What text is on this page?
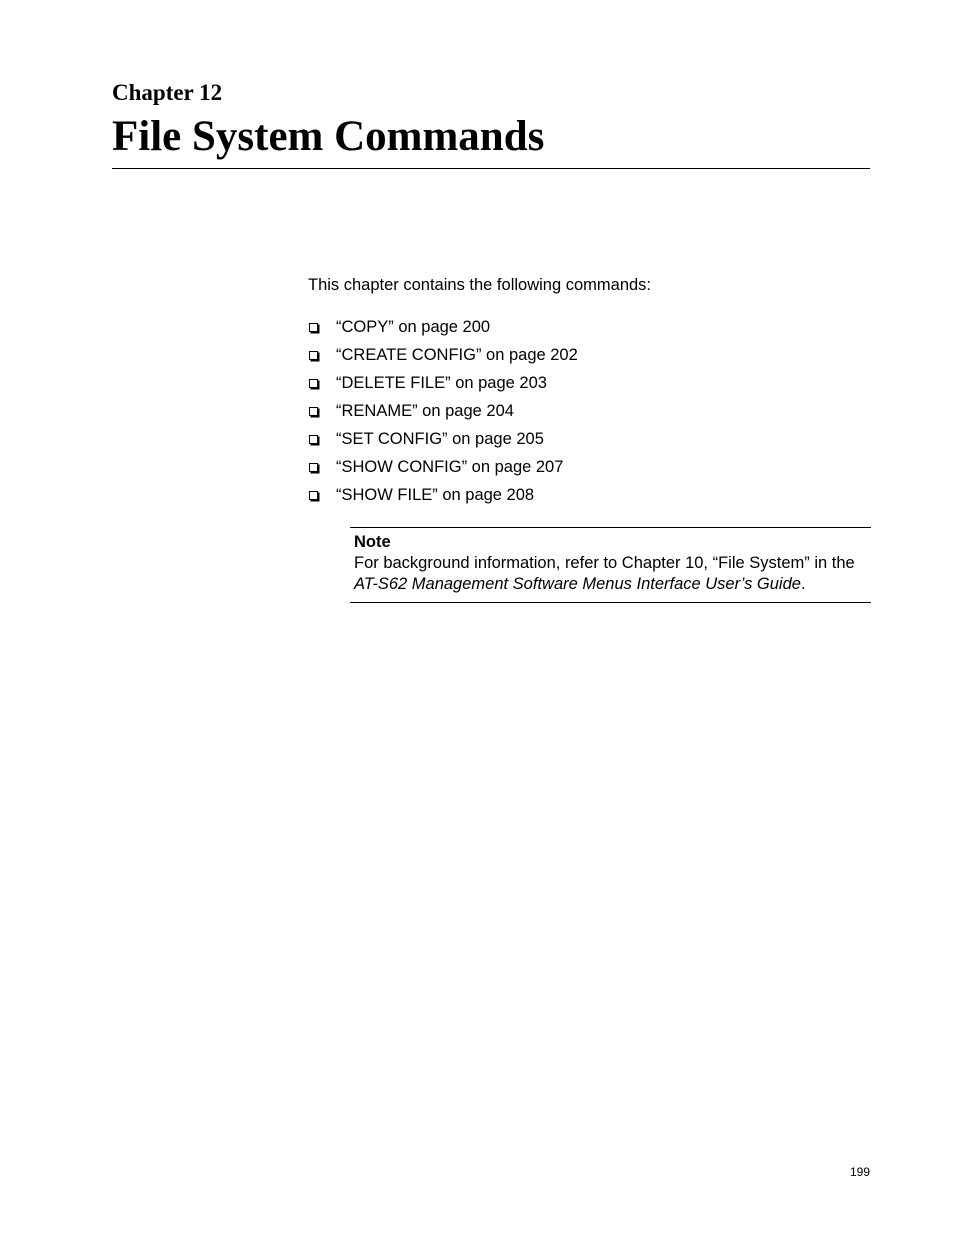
Chapter 12
File System Commands

This chapter contains the following commands:

“COPY” on page 200
“CREATE CONFIG” on page 202
“DELETE FILE” on page 203
“RENAME” on page 204
“SET CONFIG” on page 205
“SHOW CONFIG” on page 207
“SHOW FILE” on page 208
Note
For background information, refer to Chapter 10, “File System” in the AT-S62 Management Software Menus Interface User’s Guide.
199
